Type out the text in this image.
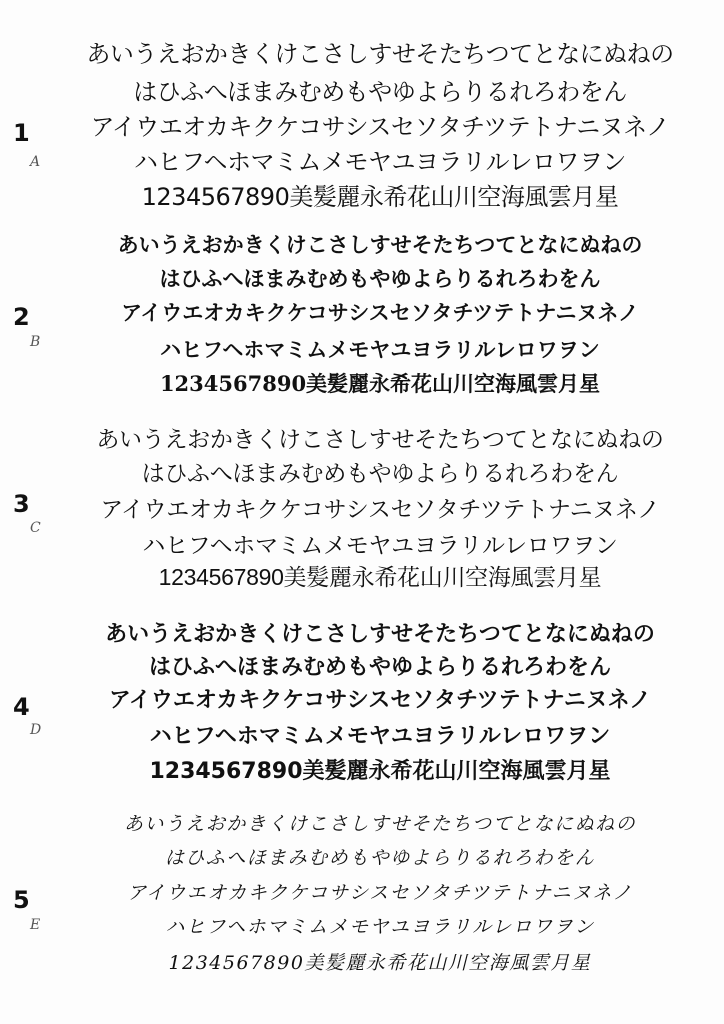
1
A
あいうえおかきくけこさしすせそたちつてとなにぬねの
はひふへほまみむめもやゆよらりるれろわをん
アイウエオカキクケコサシスセソタチツテトナニヌネノ
ハヒフヘホマミムメモヤユヨラリルレロワヲン
1234567890美髪麗永希花山川空海風雲月星
2
B
あいうえおかきくけこさしすせそたちつてとなにぬねの
はひふへほまみむめもやゆよらりるれろわをん
アイウエオカキクケコサシスセソタチツテトナニヌネノ
ハヒフヘホマミムメモヤユヨラリルレロワヲン
1234567890美髪麗永希花山川空海風雲月星
3
C
あいうえおかきくけこさしすせそたちつてとなにぬねの
はひふへほまみむめもやゆよらりるれろわをん
アイウエオカキクケコサシスセソタチツテトナニヌネノ
ハヒフヘホマミムメモヤユヨラリルレロワヲン
1234567890美髪麗永希花山川空海風雲月星
4
D
あいうえおかきくけこさしすせそたちつてとなにぬねの
はひふへほまみむめもやゆよらりるれろわをん
アイウエオカキクケコサシスセソタチツテトナニヌネノ
ハヒフヘホマミムメモヤユヨラリルレロワヲン
1234567890美髪麗永希花山川空海風雲月星
5
E
あいうえおかきくけこさしすせそたちつてとなにぬねの
はひふへほまみむめもやゆよらりるれろわをん
アイウエオカキクケコサシスセソタチツテトナニヌネノ
ハヒフヘホマミムメモヤユヨラリルレロワヲン
1234567890美髪麗永希花山川空海風雲月星
